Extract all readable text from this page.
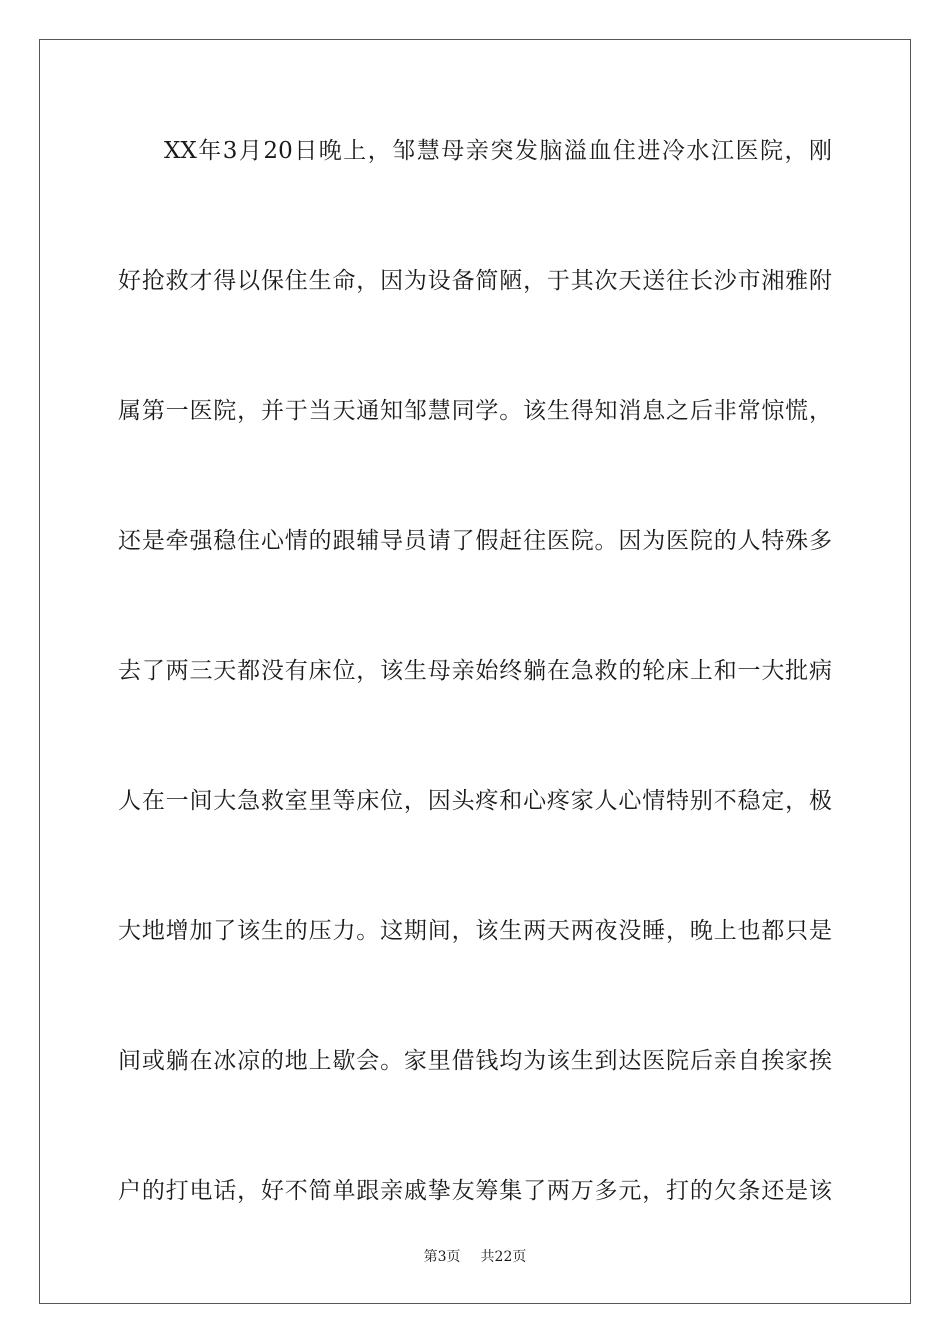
XX年3月20日晚上，邹慧母亲突发脑溢血住进冷水江医院，刚
好抢救才得以保住生命，因为设备简陋，于其次天送往长沙市湘雅附
属第一医院，并于当天通知邹慧同学。该生得知消息之后非常惊慌，
还是牵强稳住心情的跟辅导员请了假赶往医院。因为医院的人特殊多
去了两三天都没有床位，该生母亲始终躺在急救的轮床上和一大批病
人在一间大急救室里等床位，因头疼和心疼家人心情特别不稳定，极
大地增加了该生的压力。这期间，该生两天两夜没睡，晚上也都只是
间或躺在冰凉的地上歇会。家里借钱均为该生到达医院后亲自挨家挨
户的打电话，好不简单跟亲戚挚友筹集了两万多元，打的欠条还是该
第3页 共22页
